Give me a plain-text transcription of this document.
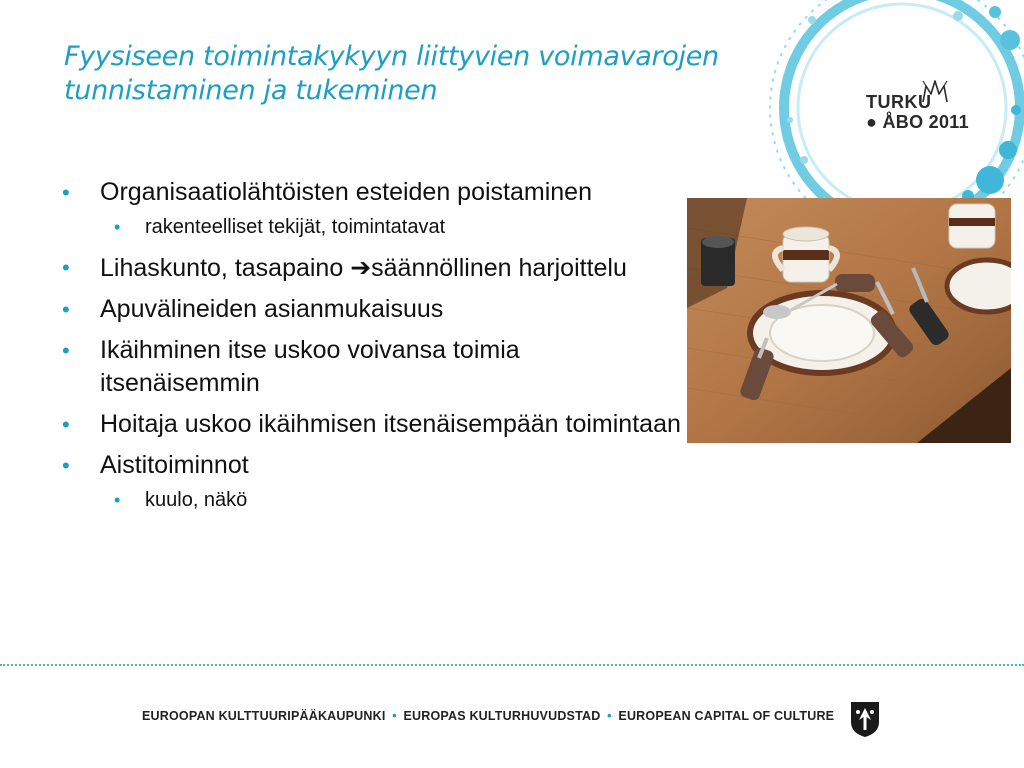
Fyysiseen toimintakykyyn liittyvien voimavarojen
tunnistaminen ja tukeminen	TURKU
● ÅBO 2011
• Organisaatiolähtöisten esteiden poistaminen
• rakenteelliset tekijät, toimintatavat
• Lihaskunto, tasapaino ➔säännöllinen harjoittelu
• Apuvälineiden asianmukaisuus
• Ikäihminen itse uskoo voivansa toimia itsenäisemmin
• Hoitaja uskoo ikäihmisen itsenäisempään toimintaan
• Aistitoiminnot
• kuulo, näkö
EUROOPAN KULTTUURIPÄÄKAUPUNKI • EUROPAS KULTURHUVUDSTAD • EUROPEAN CAPITAL OF CULTURE
